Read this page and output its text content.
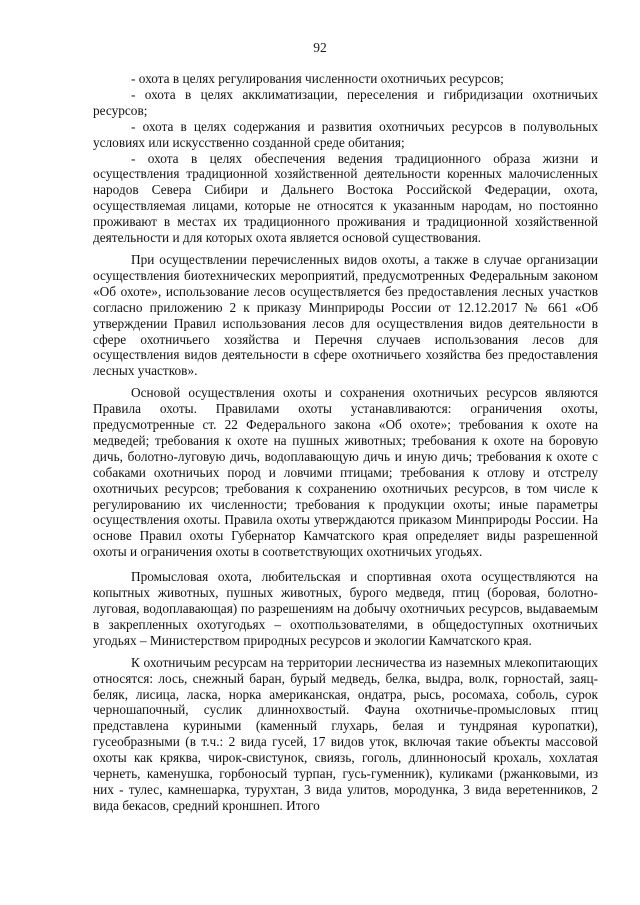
92

- охота в целях регулирования численности охотничьих ресурсов;

- охота в целях акклиматизации, переселения и гибридизации охотничьих ресурсов;

- охота в целях содержания и развития охотничьих ресурсов в полувольных условиях или искусственно созданной среде обитания;

- охота в целях обеспечения ведения традиционного образа жизни и осуществления традиционной хозяйственной деятельности коренных малочисленных народов Севера Сибири и Дальнего Востока Российской Федерации, охота, осуществляемая лицами, которые не относятся к указанным народам, но постоянно проживают в местах их традиционного проживания и традиционной хозяйственной деятельности и для которых охота является основой существования.

При осуществлении перечисленных видов охоты, а также в случае организации осуществления биотехнических мероприятий, предусмотренных Федеральным законом «Об охоте», использование лесов осуществляется без предоставления лесных участков согласно приложению 2 к приказу Минприроды России от 12.12.2017 № 661 «Об утверждении Правил использования лесов для осуществления видов деятельности в сфере охотничьего хозяйства и Перечня случаев использования лесов для осуществления видов деятельности в сфере охотничьего хозяйства без предоставления лесных участков».

Основой осуществления охоты и сохранения охотничьих ресурсов являются Правила охоты. Правилами охоты устанавливаются: ограничения охоты, предусмотренные ст. 22 Федерального закона «Об охоте»; требования к охоте на медведей; требования к охоте на пушных животных; требования к охоте на боровую дичь, болотно-луговую дичь, водоплавающую дичь и иную дичь; требования к охоте с собаками охотничьих пород и ловчими птицами; требования к отлову и отстрелу охотничьих ресурсов; требования к сохранению охотничьих ресурсов, в том числе к регулированию их численности; требования к продукции охоты; иные параметры осуществления охоты. Правила охоты утверждаются приказом Минприроды России. На основе Правил охоты Губернатор Камчатского края определяет виды разрешенной охоты и ограничения охоты в соответствующих охотничьих угодьях.

Промысловая охота, любительская и спортивная охота осуществляются на копытных животных, пушных животных, бурого медведя, птиц (боровая, болотно-луговая, водоплавающая) по разрешениям на добычу охотничьих ресурсов, выдаваемым в закрепленных охотугодьях – охотпользователями, в общедоступных охотничьих угодьях – Министерством природных ресурсов и экологии Камчатского края.

К охотничьим ресурсам на территории лесничества из наземных млекопитающих относятся: лось, снежный баран, бурый медведь, белка, выдра, волк, горностай, заяц-беляк, лисица, ласка, норка американская, ондатра, рысь, росомаха, соболь, сурок черношапочный, суслик длиннохвостый. Фауна охотничье-промысловых птиц представлена куриными (каменный глухарь, белая и тундряная куропатки), гусеобразными (в т.ч.: 2 вида гусей, 17 видов уток, включая такие объекты массовой охоты как кряква, чирок-свистунок, свиязь, гоголь, длинноносый крохаль, хохлатая чернеть, каменушка, горбоносый турпан, гусь-гуменник), куликами (ржанковыми, из них - тулес, камнешарка, турухтан, 3 вида улитов, мородунка, 3 вида веретенников, 2 вида бекасов, средний кроншнеп. Итого
